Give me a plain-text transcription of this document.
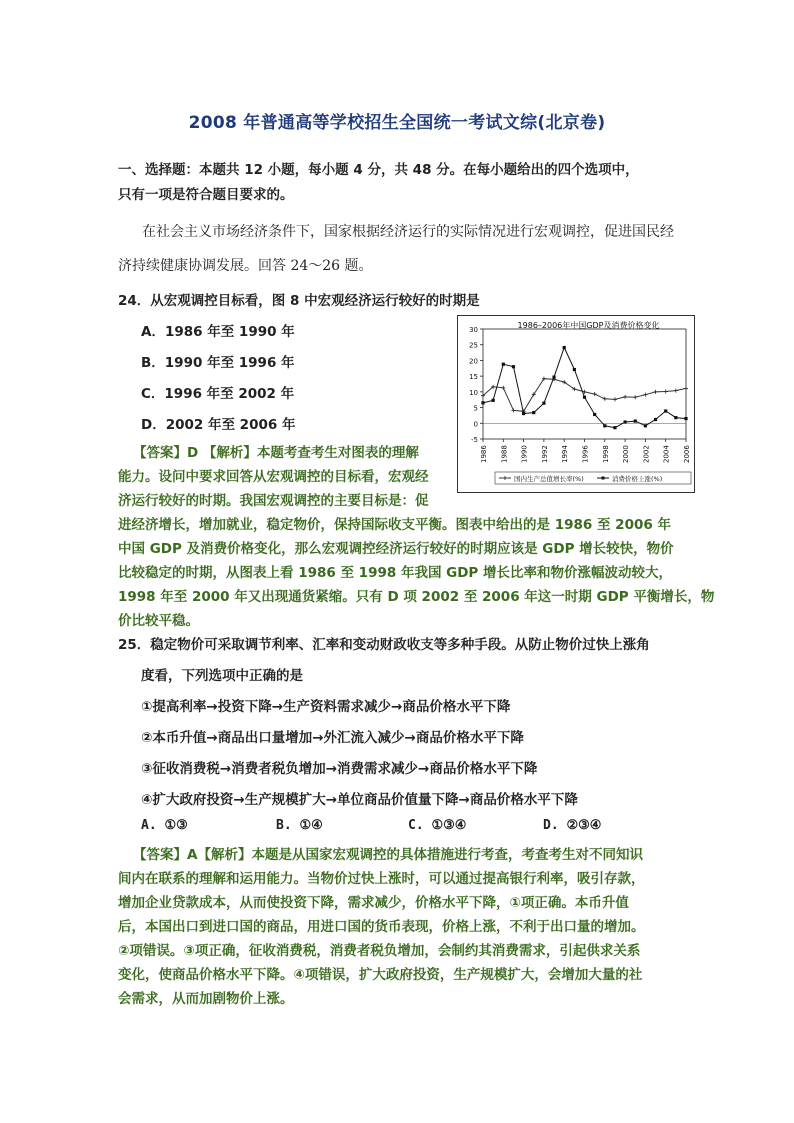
2008 年普通高等学校招生全国统一考试文综(北京卷)
一、选择题：本题共 12 小题，每小题 4 分，共 48 分。在每小题给出的四个选项中，
只有一项是符合题目要求的。
在社会主义市场经济条件下，国家根据经济运行的实际情况进行宏观调控，促进国民经
济持续健康协调发展。回答 24～26 题。
24．从宏观调控目标看，图 8 中宏观经济运行较好的时期是
A．1986 年至 1990 年
B．1990 年至 1996 年
C．1996 年至 2002 年
D．2002 年至 2006 年
【答案】D 【解析】本题考查考生对图表的理解
能力。设问中要求回答从宏观调控的目标看，宏观经
济运行较好的时期。我国宏观调控的主要目标是：促
进经济增长，增加就业，稳定物价，保持国际收支平衡。图表中给出的是 1986 至 2006 年
中国 GDP 及消费价格变化，那么宏观调控经济运行较好的时期应该是 GDP 增长较快，物价
比较稳定的时期，从图表上看 1986 至 1998 年我国 GDP 增长比率和物价涨幅波动较大，
1998 年至 2000 年又出现通货紧缩。只有 D 项 2002 至 2006 年这一时期 GDP 平衡增长，物
价比较平稳。
1986–2006年中国GDP及消费价格变化
-5
0
5
10
15
20
25
30
1986 1988 1990 1992 1994 1996 1998 2000 2002 2004 2006
国内生产总值增长率(%)	消费价格上涨(%)
25．稳定物价可采取调节利率、汇率和变动财政收支等多种手段。从防止物价过快上涨角
度看，下列选项中正确的是
①提高利率→投资下降→生产资料需求减少→商品价格水平下降
②本币升值→商品出口量增加→外汇流入减少→商品价格水平下降
③征收消费税→消费者税负增加→消费需求减少→商品价格水平下降
④扩大政府投资→生产规模扩大→单位商品价值量下降→商品价格水平下降
A. ①③	B. ①④	C. ①③④	D. ②③④
【答案】A【解析】本题是从国家宏观调控的具体措施进行考查，考查考生对不同知识
间内在联系的理解和运用能力。当物价过快上涨时，可以通过提高银行利率，吸引存款，
增加企业贷款成本，从而使投资下降，需求减少，价格水平下降，①项正确。本币升值
后，本国出口到进口国的商品，用进口国的货币表现，价格上涨，不利于出口量的增加。
②项错误。③项正确，征收消费税，消费者税负增加，会制约其消费需求，引起供求关系
变化，使商品价格水平下降。④项错误，扩大政府投资，生产规模扩大，会增加大量的社
会需求，从而加剧物价上涨。
